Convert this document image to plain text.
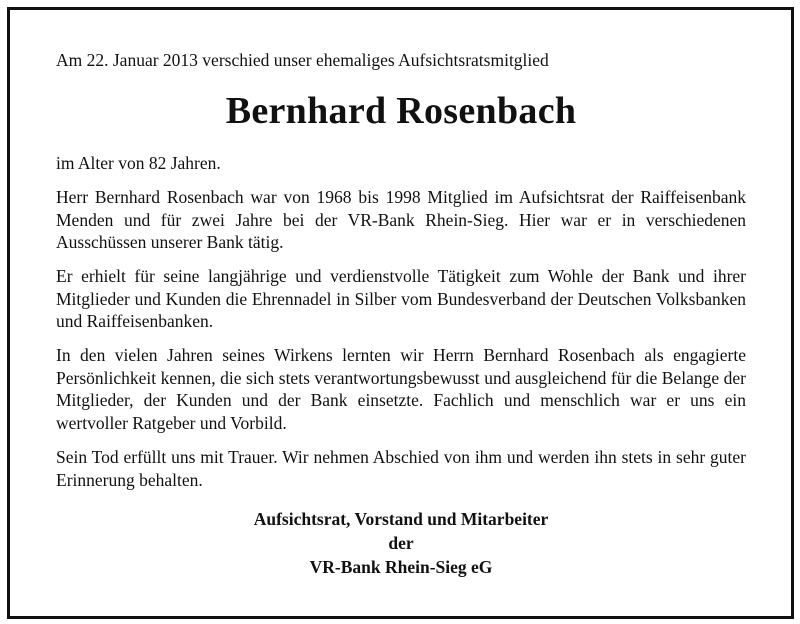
Am 22. Januar 2013 verschied unser ehemaliges Aufsichtsratsmitglied
Bernhard Rosenbach

im Alter von 82 Jahren.

Herr Bernhard Rosenbach war von 1968 bis 1998 Mitglied im Aufsichtsrat der Raiffeisenbank Menden und für zwei Jahre bei der VR-Bank Rhein-Sieg. Hier war er in verschiedenen Ausschüssen unserer Bank tätig.

Er erhielt für seine langjährige und verdienstvolle Tätigkeit zum Wohle der Bank und ihrer Mitglieder und Kunden die Ehrennadel in Silber vom Bundesverband der Deutschen Volksbanken und Raiffeisenbanken.

In den vielen Jahren seines Wirkens lernten wir Herrn Bernhard Rosenbach als engagierte Persönlichkeit kennen, die sich stets verantwortungsbewusst und ausgleichend für die Belange der Mitglieder, der Kunden und der Bank einsetzte. Fachlich und menschlich war er uns ein wertvoller Ratgeber und Vorbild.

Sein Tod erfüllt uns mit Trauer. Wir nehmen Abschied von ihm und werden ihn stets in sehr guter Erinnerung behalten.

Aufsichtsrat, Vorstand und Mitarbeiter
der
VR-Bank Rhein-Sieg eG
